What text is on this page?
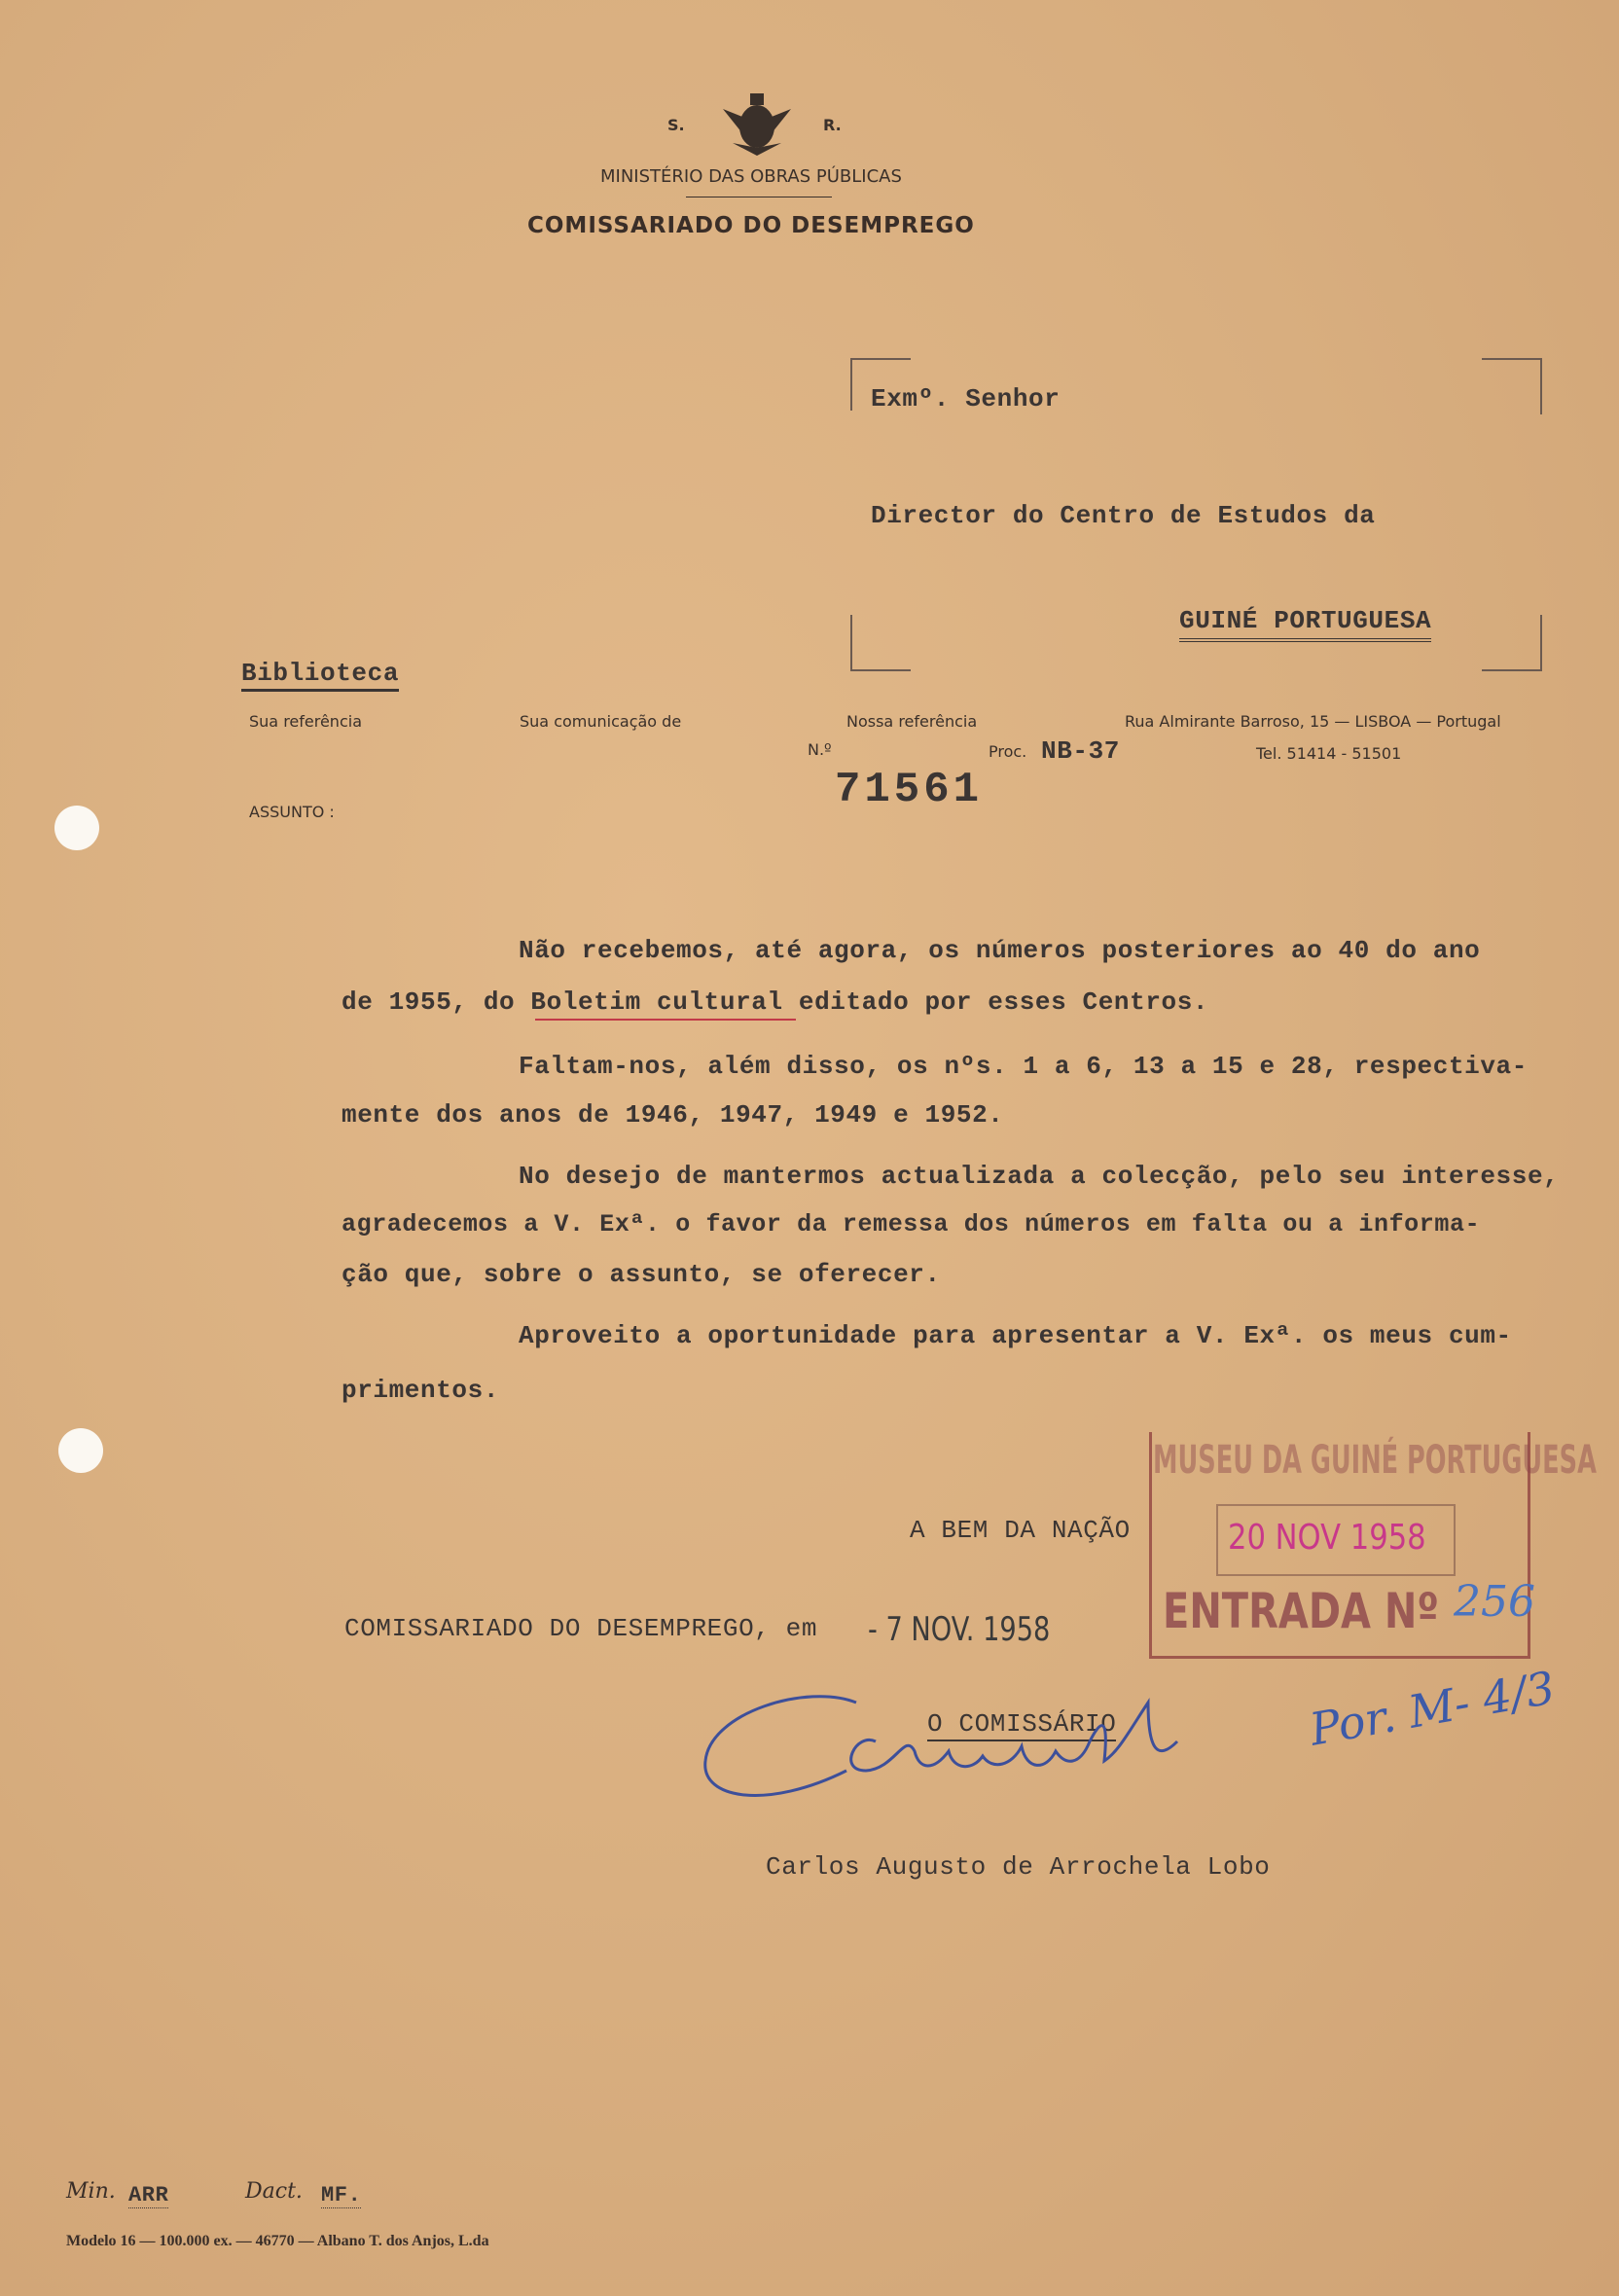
S.	R.
MINISTÉRIO DAS OBRAS PÚBLICAS
COMISSARIADO DO DESEMPREGO
Exmº. Senhor
Director do Centro de Estudos da
GUINÉ PORTUGUESA
Biblioteca
Sua referência	Sua comunicação de	Nossa referência	Rua Almirante Barroso, 15 — LISBOA — Portugal
N.º
71561
Proc. NB-37	Tel. 51414 - 51501
ASSUNTO :
Não recebemos, até agora, os números posteriores ao 40 do ano
de 1955, do Boletim cultural editado por esses Centros.
Faltam-nos, além disso, os nºs. 1 a 6, 13 a 15 e 28, respectiva-
mente dos anos de 1946, 1947, 1949 e 1952.
No desejo de mantermos actualizada a colecção, pelo seu interesse,
agradecemos a V. Exª. o favor da remessa dos números em falta ou a informa-
ção que, sobre o assunto, se oferecer.
Aproveito a oportunidade para apresentar a V. Exª. os meus cum-
primentos.
A BEM DA NAÇÃO
COMISSARIADO DO DESEMPREGO, em - 7 NOV. 1958
O COMISSÁRIO	Por. M- 4/3
Carlos Augusto de Arrochela Lobo
MUSEU DA GUINÉ PORTUGUESA
20 NOV 1958
ENTRADA Nº 256
Min. ARR	Dact. MF.
Modelo 16 — 100.000 ex. — 46770 — Albano T. dos Anjos, L.da
